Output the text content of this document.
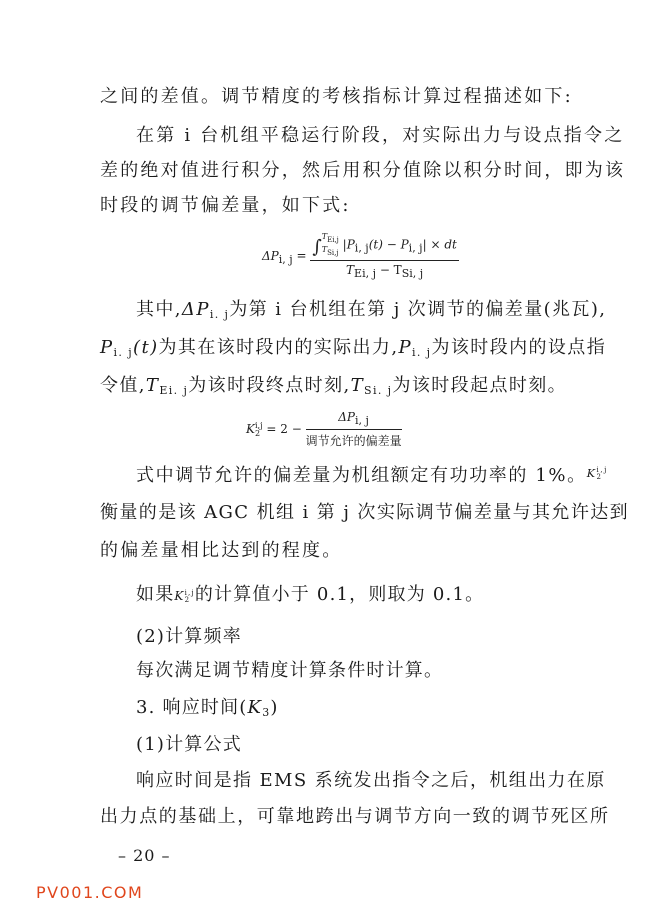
之间的差值。调节精度的考核指标计算过程描述如下:
在第 i 台机组平稳运行阶段，对实际出力与设点指令之
差的绝对值进行积分，然后用积分值除以积分时间，即为该
时段的调节偏差量，如下式:
$\Delta P_{i, j} = \int T_{Ei,j}$
$T_{Si,j}$ $|P_{i, j}(t) - P_{i, j}|$ × dt
$T_{Ei, j} - T_{Si, j}$
其中$,\Delta P_{i. j}$为第 i 台机组在第 j 次调节的偏差量(兆瓦),
$P_{i. j}(t)$为其在该时段内的实际出力$,P_{i. j}$为该时段内的设点指
令值$,T_{Ei. j}$为该时段终点时刻$,T_{Si. j}$为该时段起点时刻。
Ki,j
$2 = 2 - \frac{\Delta P_{i, j}}{\text{调节允许的偏差量}}$
式中调节允许的偏差量为机组额定有功功率的 1%。$^{Ki,j 2}$
衡量的是该 AGC 机组 i 第 j 次实际调节偏差量与其允许达到
的偏差量相比达到的程度。
如果Ki,j
2 的计算值小于 0.1，则取为 0.1。
(2)计算频率
每次满足调节精度计算条件时计算。
3. 响应时间$(K_3)$
(1)计算公式
响应时间是指 EMS 系统发出指令之后，机组出力在原
出力点的基础上，可靠地跨出与调节方向一致的调节死区所
– 20 –
PV001.COM
